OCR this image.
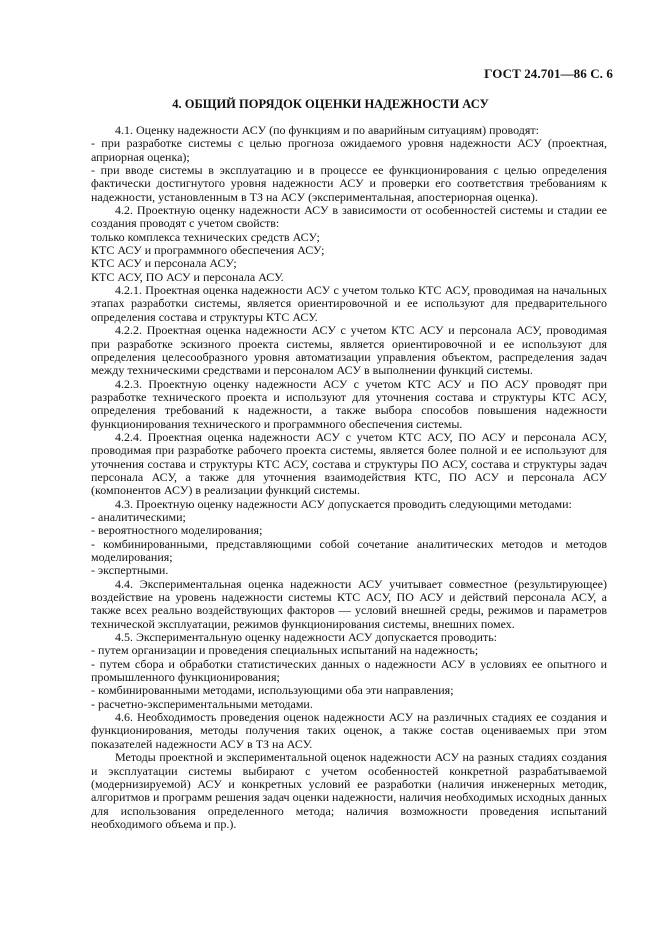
ГОСТ 24.701—86 С. 6
4. ОБЩИЙ ПОРЯДОК ОЦЕНКИ НАДЕЖНОСТИ АСУ

4.1. Оценку надежности АСУ (по функциям и по аварийным ситуациям) проводят:

- при разработке системы с целью прогноза ожидаемого уровня надежности АСУ (проектная, априорная оценка);

- при вводе системы в эксплуатацию и в процессе ее функционирования с целью определения фактически достигнутого уровня надежности АСУ и проверки его соответствия требованиям к надежности, установленным в ТЗ на АСУ (экспериментальная, апостериорная оценка).

4.2. Проектную оценку надежности АСУ в зависимости от особенностей системы и стадии ее создания проводят с учетом свойств:

только комплекса технических средств АСУ;

КТС АСУ и программного обеспечения АСУ;

КТС АСУ и персонала АСУ;

КТС АСУ, ПО АСУ и персонала АСУ.

4.2.1. Проектная оценка надежности АСУ с учетом только КТС АСУ, проводимая на начальных этапах разработки системы, является ориентировочной и ее используют для предварительного определения состава и структуры КТС АСУ.

4.2.2. Проектная оценка надежности АСУ с учетом КТС АСУ и персонала АСУ, проводимая при разработке эскизного проекта системы, является ориентировочной и ее используют для определения целесообразного уровня автоматизации управления объектом, распределения задач между техническими средствами и персоналом АСУ в выполнении функций системы.

4.2.3. Проектную оценку надежности АСУ с учетом КТС АСУ и ПО АСУ проводят при разработке технического проекта и используют для уточнения состава и структуры КТС АСУ, определения требований к надежности, а также выбора способов повышения надежности функционирования технического и программного обеспечения системы.

4.2.4. Проектная оценка надежности АСУ с учетом КТС АСУ, ПО АСУ и персонала АСУ, проводимая при разработке рабочего проекта системы, является более полной и ее используют для уточнения состава и структуры КТС АСУ, состава и структуры ПО АСУ, состава и структуры задач персонала АСУ, а также для уточнения взаимодействия КТС, ПО АСУ и персонала АСУ (компонентов АСУ) в реализации функций системы.

4.3. Проектную оценку надежности АСУ допускается проводить следующими методами:

- аналитическими;

- вероятностного моделирования;

- комбинированными, представляющими собой сочетание аналитических методов и методов моделирования;

- экспертными.

4.4. Экспериментальная оценка надежности АСУ учитывает совместное (результирующее) воздействие на уровень надежности системы КТС АСУ, ПО АСУ и действий персонала АСУ, а также всех реально воздействующих факторов — условий внешней среды, режимов и параметров технической эксплуатации, режимов функционирования системы, внешних помех.

4.5. Экспериментальную оценку надежности АСУ допускается проводить:

- путем организации и проведения специальных испытаний на надежность;

- путем сбора и обработки статистических данных о надежности АСУ в условиях ее опытного и промышленного функционирования;

- комбинированными методами, использующими оба эти направления;

- расчетно-экспериментальными методами.

4.6. Необходимость проведения оценок надежности АСУ на различных стадиях ее создания и функционирования, методы получения таких оценок, а также состав оцениваемых при этом показателей надежности АСУ в ТЗ на АСУ.

Методы проектной и экспериментальной оценок надежности АСУ на разных стадиях создания и эксплуатации системы выбирают с учетом особенностей конкретной разрабатываемой (модернизируемой) АСУ и конкретных условий ее разработки (наличия инженерных методик, алгоритмов и программ решения задач оценки надежности, наличия необходимых исходных данных для использования определенного метода; наличия возможности проведения испытаний необходимого объема и пр.).
